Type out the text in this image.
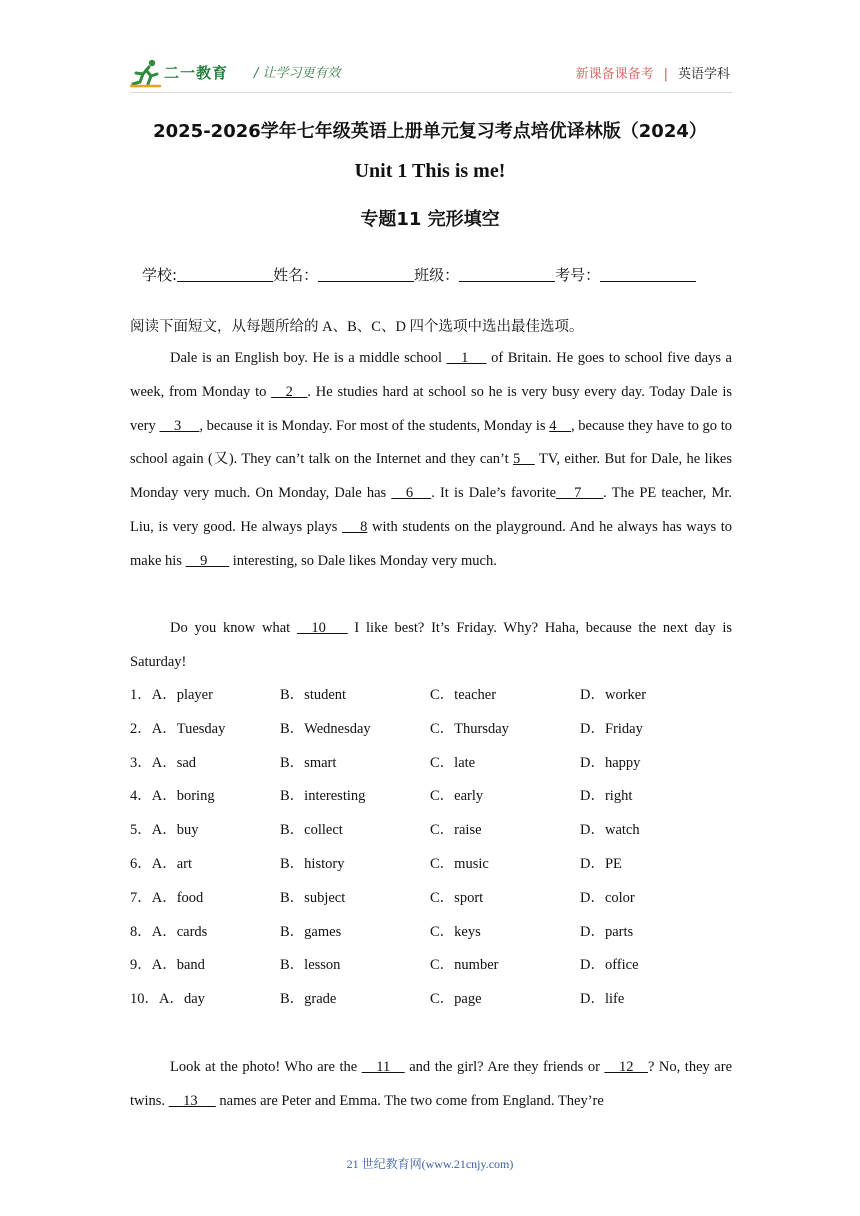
二一教育 / 让学习更有效	新课备课备考 | 英语学科
2025-2026学年七年级英语上册单元复习考点培优译林版（2024）
Unit 1 This is me!
专题11 完形填空
学校:	姓名：	班级：	考号：
阅读下面短文，从每题所给的 A、B、C、D 四个选项中选出最佳选项。
Dale is an English boy. He is a middle school     1      of Britain. He goes to school five days a week, from Monday to     2    . He studies hard at school so he is very busy every day. Today Dale is very     3     , because it is Monday. For most of the students, Monday is 4    , because they have to go to school again (又). They can’t talk on the Internet and they can’t 5     TV, either. But for Dale, he likes Monday very much. On Monday, Dale has     6     . It is Dale’s favorite     7      . The PE teacher, Mr. Liu, is very good. He always plays      8 with students on the playground. And he always has ways to make his     9       interesting, so Dale likes Monday very much.
Do you know what     10       I like best? It’s Friday. Why? Haha, because the next day is Saturday!
1．A．player	B．student	C．teacher	D．worker
2．A．Tuesday	B．Wednesday	C．Thursday	D．Friday
3．A．sad	B．smart	C．late	D．happy
4．A．boring	B．interesting	C．early	D．right
5．A．buy	B．collect	C．raise	D．watch
6．A．art	B．history	C．music	D．PE
7．A．food	B．subject	C．sport	D．color
8．A．cards	B．games	C．keys	D．parts
9．A．band	B．lesson	C．number	D．office
10．A．day	B．grade	C．page	D．life
Look at the photo! Who are the     11     and the girl? Are they friends or     12    ? No, they are twins.     13      names are Peter and Emma. The two come from England. They’re
21 世纪教育网(www.21cnjy.com)
